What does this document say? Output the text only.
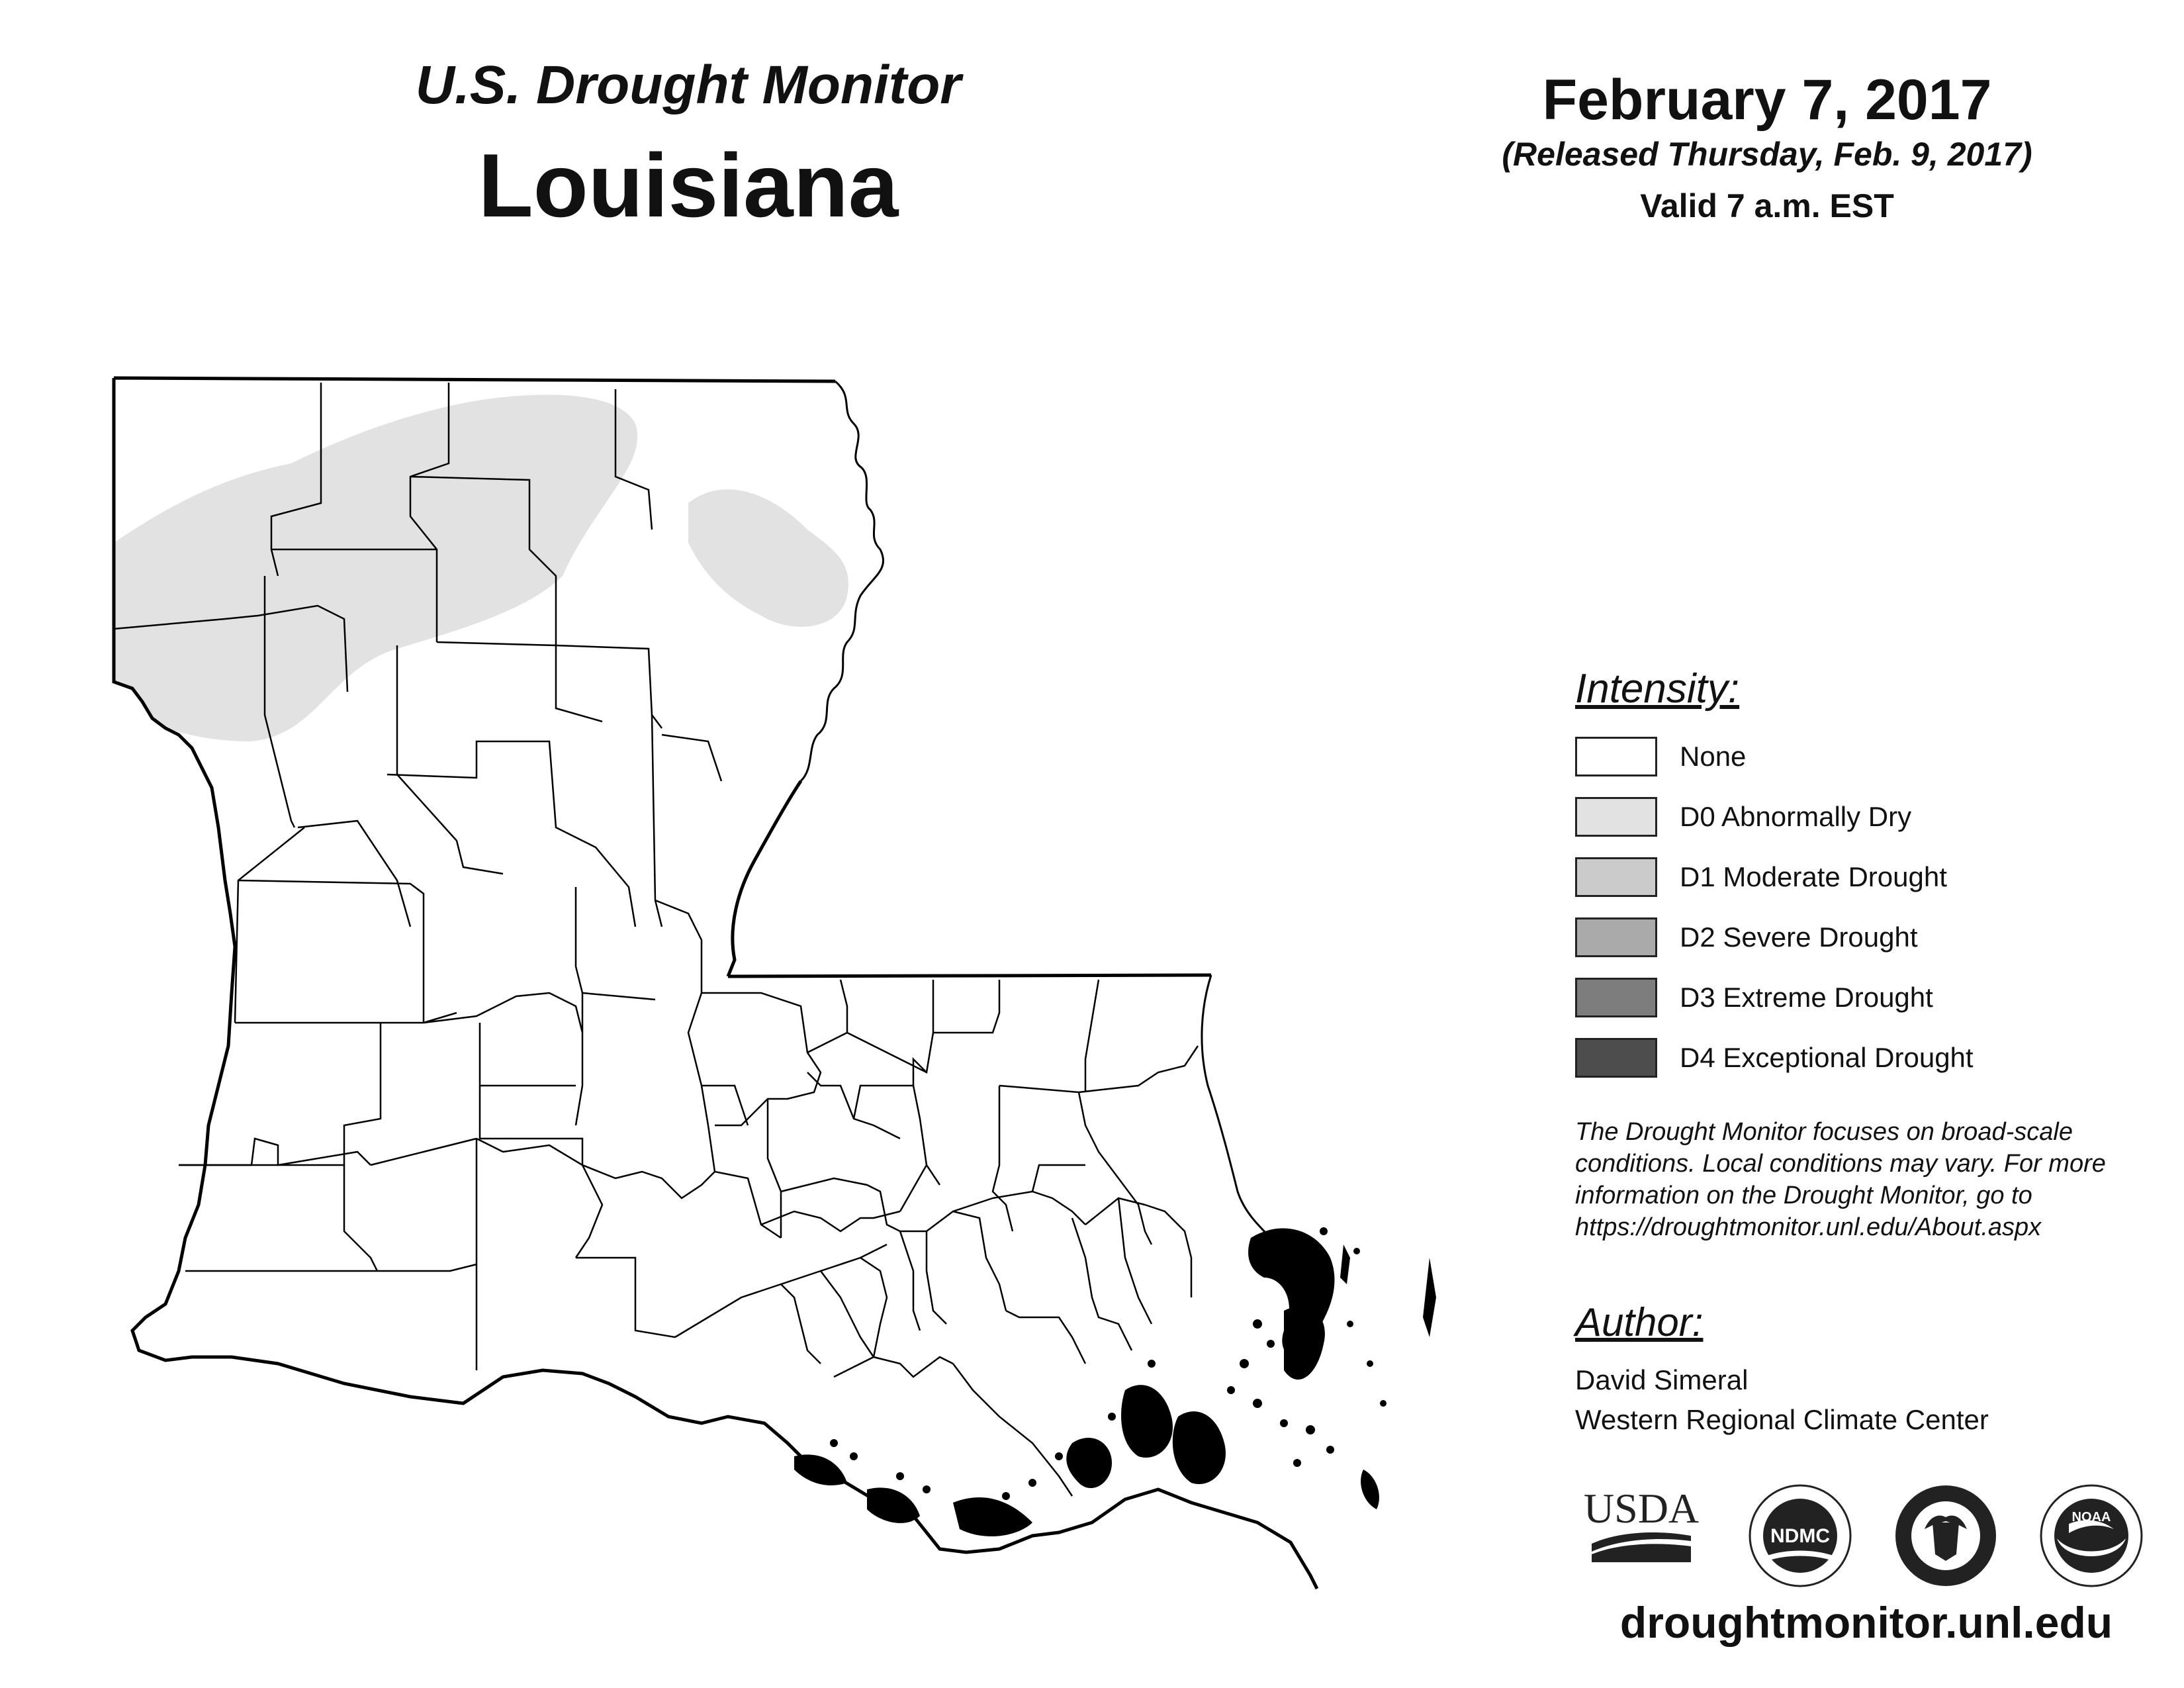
U.S. Drought Monitor
Louisiana
February 7, 2017
(Released Thursday, Feb. 9, 2017)
Valid 7 a.m. EST
Intensity:
None
D0 Abnormally Dry
D1 Moderate Drought
D2 Severe Drought
D3 Extreme Drought
D4 Exceptional Drought
The Drought Monitor focuses on broad-scale
conditions. Local conditions may vary. For more
information on the Drought Monitor, go to
https://droughtmonitor.unl.edu/About.aspx
Author:
David Simeral
Western Regional Climate Center
USDA
NDMC
NOAA
droughtmonitor.unl.edu
